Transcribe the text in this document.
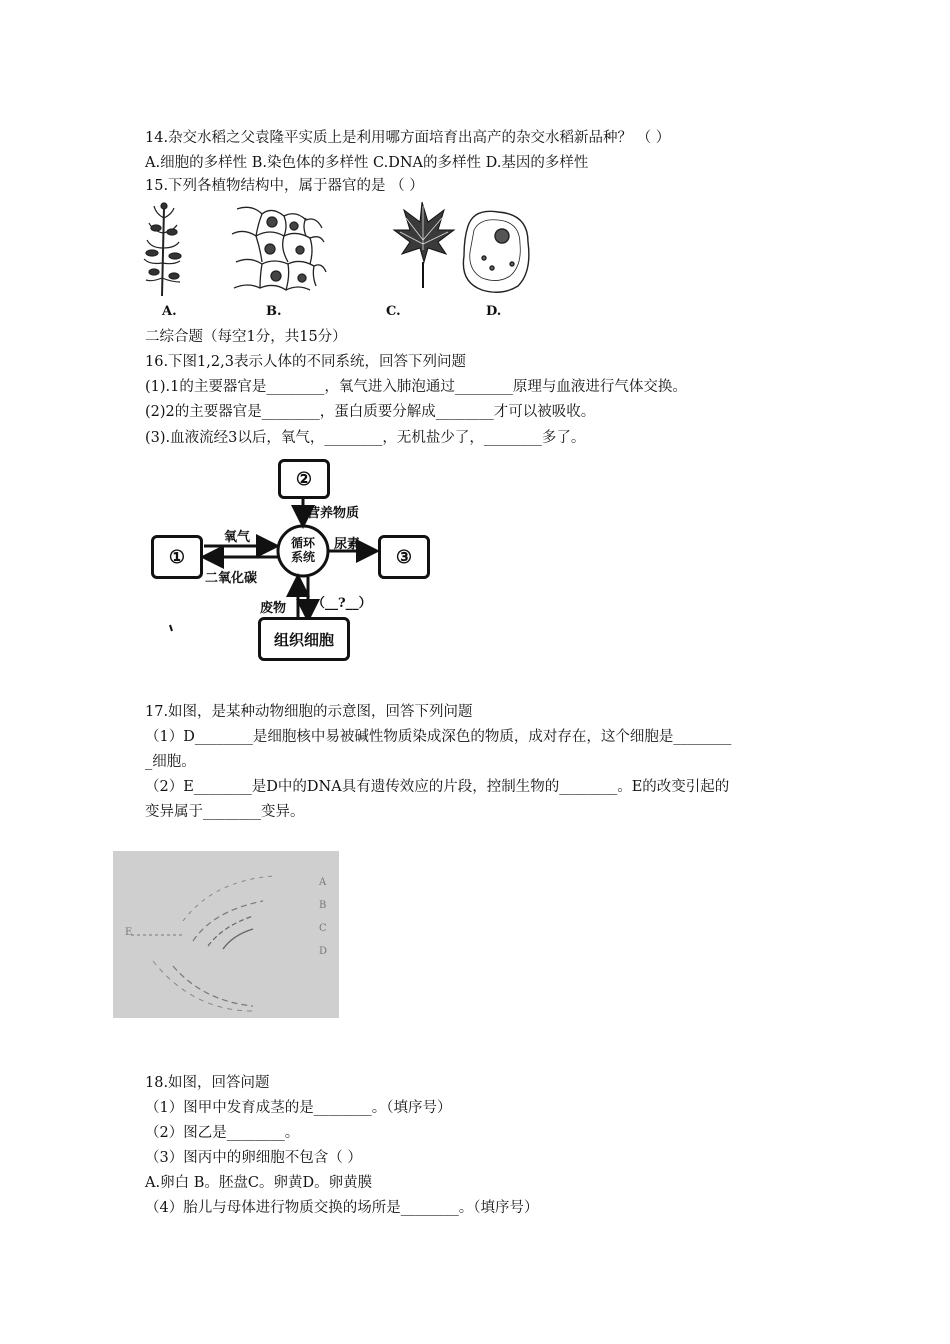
14.杂交水稻之父袁隆平实质上是利用哪方面培育出高产的杂交水稻新品种？ （ ）
A.细胞的多样性 B.染色体的多样性 C.DNA的多样性 D.基因的多样性
15.下列各植物结构中，属于器官的是 （ ）
A.	B.	C.	D.
二综合题（每空1分，共15分）
16.下图1,2,3表示人体的不同系统，回答下列问题
(1).1的主要器官是________，氧气进入肺泡通过________原理与血液进行气体交换。
(2)2的主要器官是________，蛋白质要分解成________才可以被吸收。
(3).血液流经3以后，氧气，________，无机盐少了，________多了。
①
②
③
循环系统
组织细胞
氧气
二氧化碳
营养物质
尿素
废物 （__?__）
17.如图，是某种动物细胞的示意图，回答下列问题
（1）D________是细胞核中易被碱性物质染成深色的物质，成对存在，这个细胞是________
_细胞。
（2）E________是D中的DNA具有遗传效应的片段，控制生物的________。E的改变引起的
变异属于________变异。
A
B
C
D
E
18.如图，回答问题
（1）图甲中发育成茎的是________。（填序号）
（2）图乙是________。
（3）图丙中的卵细胞不包含（ ）
A.卵白 B。胚盘C。卵黄D。卵黄膜
（4）胎儿与母体进行物质交换的场所是________。（填序号）
